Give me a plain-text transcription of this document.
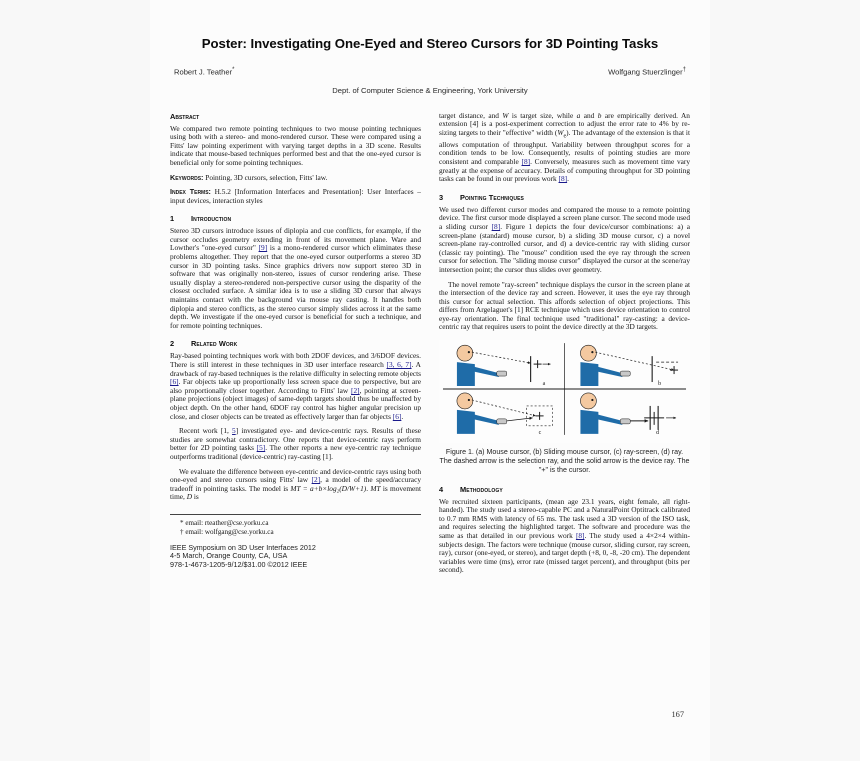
Poster: Investigating One-Eyed and Stereo Cursors for 3D Pointing Tasks
Robert J. Teather*	Wolfgang Stuerzlinger†
Dept. of Computer Science & Engineering, York University
Abstract

We compared two remote pointing techniques to two mouse pointing techniques using both with a stereo- and mono-rendered cursor. These were compared using a Fitts' law pointing experiment with varying target depths in a 3D scene. Results indicate that mouse-based techniques performed best and that the one-eyed cursor is beneficial only for some pointing techniques.

Keywords: Pointing, 3D cursors, selection, Fitts' law.

Index Terms: H.5.2 [Information Interfaces and Presentation]: User Interfaces – input devices, interaction styles

1	Introduction

Stereo 3D cursors introduce issues of diplopia and cue conflicts, for example, if the cursor occludes geometry extending in front of its movement plane. Ware and Lowther's "one-eyed cursor" [9] is a mono-rendered cursor which eliminates these problems altogether. They report that the one-eyed cursor outperforms a stereo 3D cursor in 3D pointing tasks. Since graphics drivers now support stereo 3D in software that was originally non-stereo, issues of cursor rendering arise. These usually display a stereo-rendered non-perspective cursor using the disparity of the closest occluded surface. A similar idea is to use a sliding 3D cursor that always maintains contact with the background via mouse ray casting. It handles both diplopia and stereo conflicts, as the stereo cursor simply slides across it at the same depth. We investigate if the one-eyed cursor is beneficial for such a technique, and for remote pointing techniques.

2	Related Work

Ray-based pointing techniques work with both 2DOF devices, and 3/6DOF devices. There is still interest in these techniques in 3D user interface research [3, 6, 7]. A drawback of ray-based techniques is the relative difficulty in selecting remote objects [6]. Far objects take up proportionally less screen space due to perspective, but are also proportionally closer together. According to Fitts' law [2], pointing at screen-plane projections (object images) of same-depth targets should thus be unaffected by object depth. On the other hand, 6DOF ray control has higher angular precision up close, and closer objects can be treated as effectively larger than far objects [6].

Recent work [1, 5] investigated eye- and device-centric rays. Results of these studies are somewhat contradictory. One reports that device-centric rays perform better for 2D pointing tasks [5]. The other reports a new eye-centric ray technique outperforms traditional (device-centric) ray-casting [1].

We evaluate the difference between eye-centric and device-centric rays using both one-eyed and stereo cursors using Fitts' law [2], a model of the speed/accuracy tradeoff in pointing tasks. The model is MT = a+b×log₂(D/W+1). MT is movement time, D is

* email: rteather@cse.yorku.ca
† email: wolfgang@cse.yorku.ca
IEEE Symposium on 3D User Interfaces 2012
4-5 March, Orange County, CA, USA
978-1-4673-1205-9/12/$31.00 ©2012 IEEE

target distance, and W is target size, while a and b are empirically derived. An extension [4] is a post-experiment correction to adjust the error rate to 4% by re-sizing targets to their "effective" width $(W_e)$. The advantage of the extension is that it allows computation of throughput. Variability between throughput scores for a condition tends to be low. Consequently, results of pointing studies are more consistent and comparable [8]. Conversely, measures such as movement time vary greatly at the expense of accuracy. Details of computing throughput for 3D pointing tasks can be found in our previous work [8].

3	Pointing Techniques

We used two different cursor modes and compared the mouse to a remote pointing device. The first cursor mode displayed a screen plane cursor. The second mode used a sliding cursor [8]. Figure 1 depicts the four device/cursor combinations: a) a screen-plane (standard) mouse cursor, b) a sliding 3D mouse cursor, c) a novel screen-plane ray-controlled cursor, and d) a device-centric ray with sliding cursor (classic ray pointing). The "mouse" condition used the eye ray through the screen cursor for selection. The "sliding mouse cursor" displayed the cursor at the scene/ray intersection point; the cursor thus slides over geometry.

The novel remote "ray-screen" technique displays the cursor in the screen plane at the intersection of the device ray and screen. However, it uses the eye ray through this cursor for actual selection. This affords selection of object projections. This differs from Argelaguet's [1] RCE technique which uses device orientation to control eye-ray orientation. The final technique used "traditional" ray-casting: a device-centric ray that requires users to point the device directly at the 3D targets.

a	b
c	d
Figure 1. (a) Mouse cursor, (b) Sliding mouse cursor, (c) ray-screen, (d) ray. The dashed arrow is the selection ray, and the solid arrow is the device ray. The "+" is the cursor.
4	Methodology

We recruited sixteen participants, (mean age 23.1 years, eight female, all right-handed). The study used a stereo-capable PC and a NaturalPoint Optitrack calibrated to 0.7 mm RMS with latency of 65 ms. The task used a 3D version of the ISO task, and requires selecting the highlighted target. The software and procedure was the same as that detailed in our previous work [8]. The study used a 4×2×4 within-subjects design. The factors were technique (mouse cursor, sliding cursor, ray screen, ray), cursor (one-eyed, or stereo), and target depth (+8, 0, -8, -20 cm). The dependent variables were time (ms), error rate (missed target percent), and throughput (bits per second).

167
